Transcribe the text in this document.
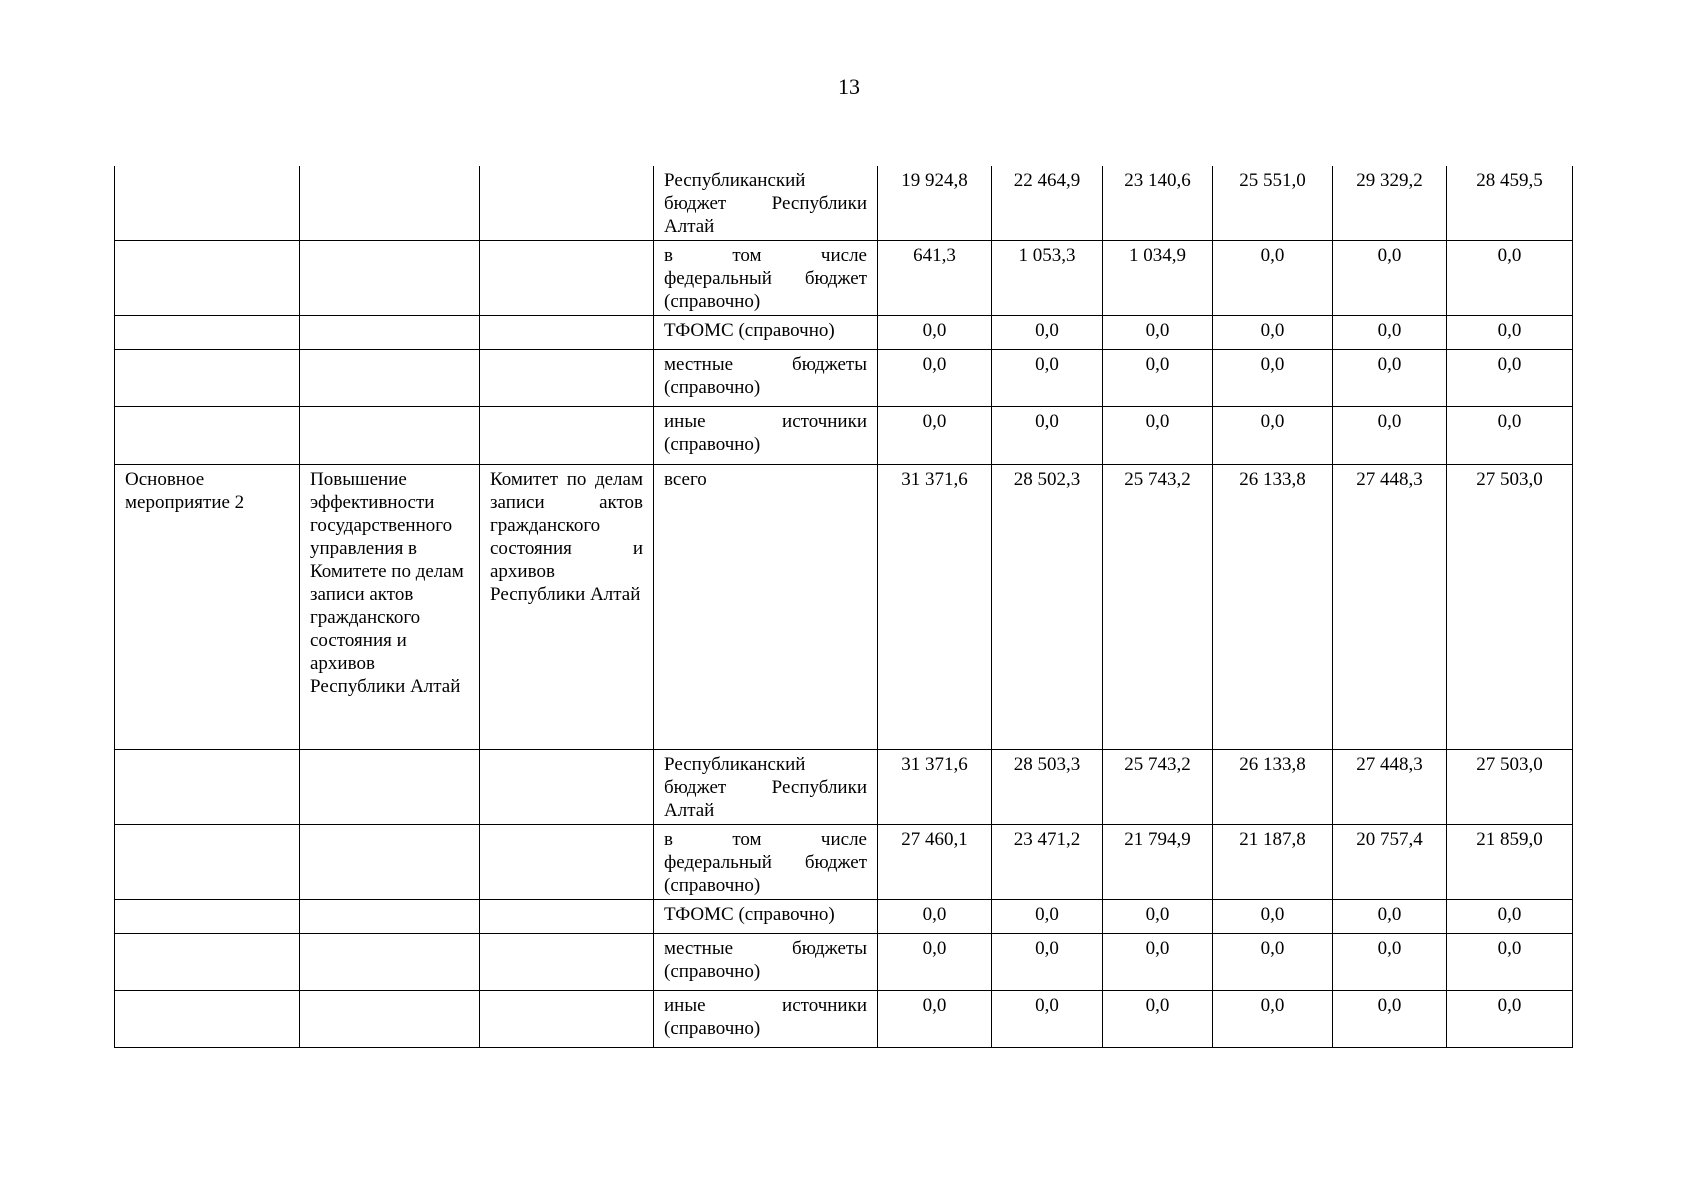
13
			Республиканский бюджет Республики Алтай	19 924,8	22 464,9	23 140,6	25 551,0	29 329,2	28 459,5
			в том числе федеральный бюджет (справочно)	641,3	1 053,3	1 034,9	0,0	0,0	0,0
			ТФОМС (справочно)	0,0	0,0	0,0	0,0	0,0	0,0
			местные бюджеты (справочно)	0,0	0,0	0,0	0,0	0,0	0,0
			иные источники (справочно)	0,0	0,0	0,0	0,0	0,0	0,0
Основное мероприятие 2	Повышение эффективности государственного управления в Комитете по делам записи актов гражданского состояния и архивов Республики Алтай	Комитет по делам записи актов гражданского состояния и архивов Республики Алтай	всего	31 371,6	28 502,3	25 743,2	26 133,8	27 448,3	27 503,0
			Республиканский бюджет Республики Алтай	31 371,6	28 503,3	25 743,2	26 133,8	27 448,3	27 503,0
			в том числе федеральный бюджет (справочно)	27 460,1	23 471,2	21 794,9	21 187,8	20 757,4	21 859,0
			ТФОМС (справочно)	0,0	0,0	0,0	0,0	0,0	0,0
			местные бюджеты (справочно)	0,0	0,0	0,0	0,0	0,0	0,0
			иные источники (справочно)	0,0	0,0	0,0	0,0	0,0	0,0
